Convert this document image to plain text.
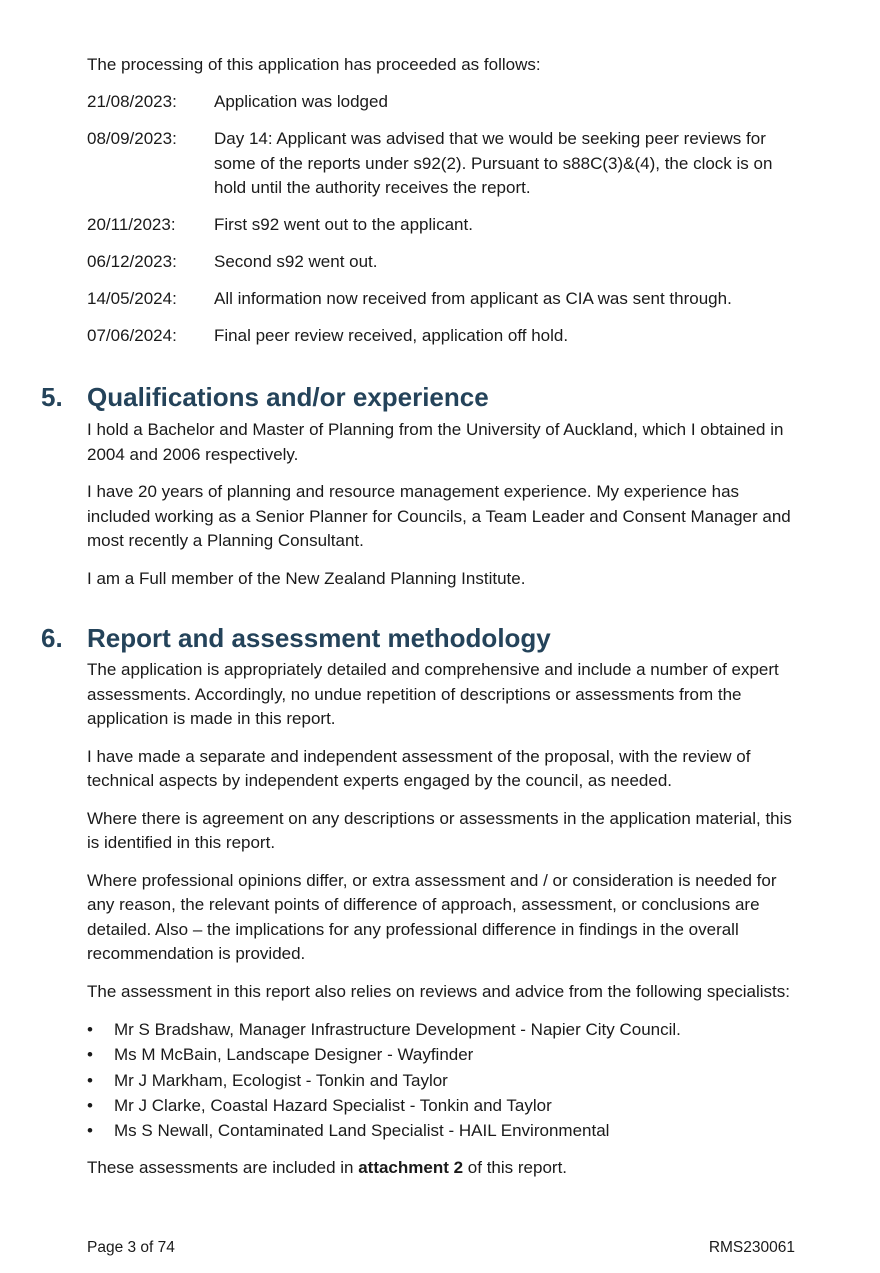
The processing of this application has proceeded as follows:

21/08/2023:	Application was lodged
08/09/2023:	Day 14: Applicant was advised that we would be seeking peer reviews for some of the reports under s92(2). Pursuant to s88C(3)&(4), the clock is on hold until the authority receives the report.
20/11/2023:	First s92 went out to the applicant.
06/12/2023:	Second s92 went out.
14/05/2024:	All information now received from applicant as CIA was sent through.
07/06/2024:	Final peer review received, application off hold.
5. Qualifications and/or experience

I hold a Bachelor and Master of Planning from the University of Auckland, which I obtained in 2004 and 2006 respectively.

I have 20 years of planning and resource management experience. My experience has included working as a Senior Planner for Councils, a Team Leader and Consent Manager and most recently a Planning Consultant.

I am a Full member of the New Zealand Planning Institute.

6. Report and assessment methodology

The application is appropriately detailed and comprehensive and include a number of expert assessments. Accordingly, no undue repetition of descriptions or assessments from the application is made in this report.

I have made a separate and independent assessment of the proposal, with the review of technical aspects by independent experts engaged by the council, as needed.

Where there is agreement on any descriptions or assessments in the application material, this is identified in this report.

Where professional opinions differ, or extra assessment and / or consideration is needed for any reason, the relevant points of difference of approach, assessment, or conclusions are detailed. Also – the implications for any professional difference in findings in the overall recommendation is provided.

The assessment in this report also relies on reviews and advice from the following specialists:

•	Mr S Bradshaw, Manager Infrastructure Development - Napier City Council.
•	Ms M McBain, Landscape Designer - Wayfinder
•	Mr J Markham, Ecologist - Tonkin and Taylor
•	Mr J Clarke, Coastal Hazard Specialist - Tonkin and Taylor
•	Ms S Newall, Contaminated Land Specialist - HAIL Environmental

These assessments are included in attachment 2 of this report.

Page 3 of 74	RMS230061
